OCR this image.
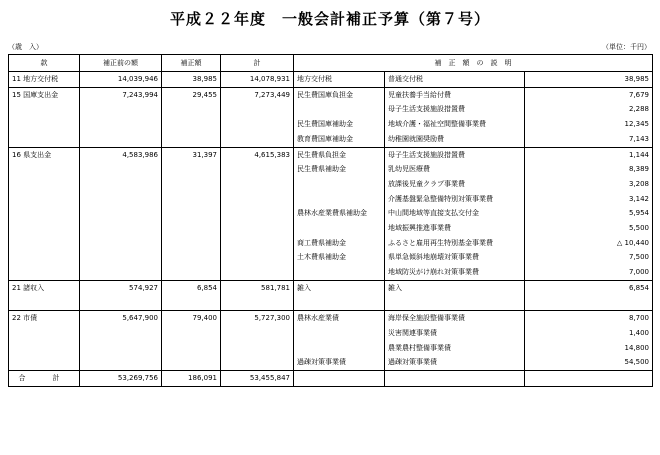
平成２２年度　一般会計補正予算（第７号）
（歳　入）	（単位：千円）
款	補正前の額	補正額	計	補　正　額　の　説　明		
11 地方交付税	14,039,946	38,985	14,078,931	地方交付税	普通交付税	38,985
15 国庫支出金	7,243,994	29,455	7,273,449	民生費国庫負担金	児童扶養手当給付費	7,679
					母子生活支援施設措置費	2,288
				民生費国庫補助金	地域介護・福祉空間整備事業費	12,345
				教育費国庫補助金	幼稚園就園奨励費	7,143
16 県支出金	4,583,986	31,397	4,615,383	民生費県負担金	母子生活支援施設措置費	1,144
				民生費県補助金	乳幼児医療費	8,389
					放課後児童クラブ事業費	3,208
					介護基盤緊急整備特別対策事業費	3,142
				農林水産業費県補助金	中山間地域等直接支払交付金	5,954
					地域振興推進事業費	5,500
				商工費県補助金	ふるさと雇用再生特別基金事業費	△ 10,440
				土木費県補助金	県単急傾斜地崩壊対策事業費	7,500
					地域防災がけ崩れ対策事業費	7,000
21 諸収入	574,927	6,854	581,781	雑入	雑入	6,854

22 市債	5,647,900	79,400	5,727,300	農林水産業債	海岸保全施設整備事業債	8,700
					災害関連事業債	1,400
					農業農村整備事業債	14,800
				過疎対策事業債	過疎対策事業債	54,500
合　計	53,269,756	186,091	53,455,847			
